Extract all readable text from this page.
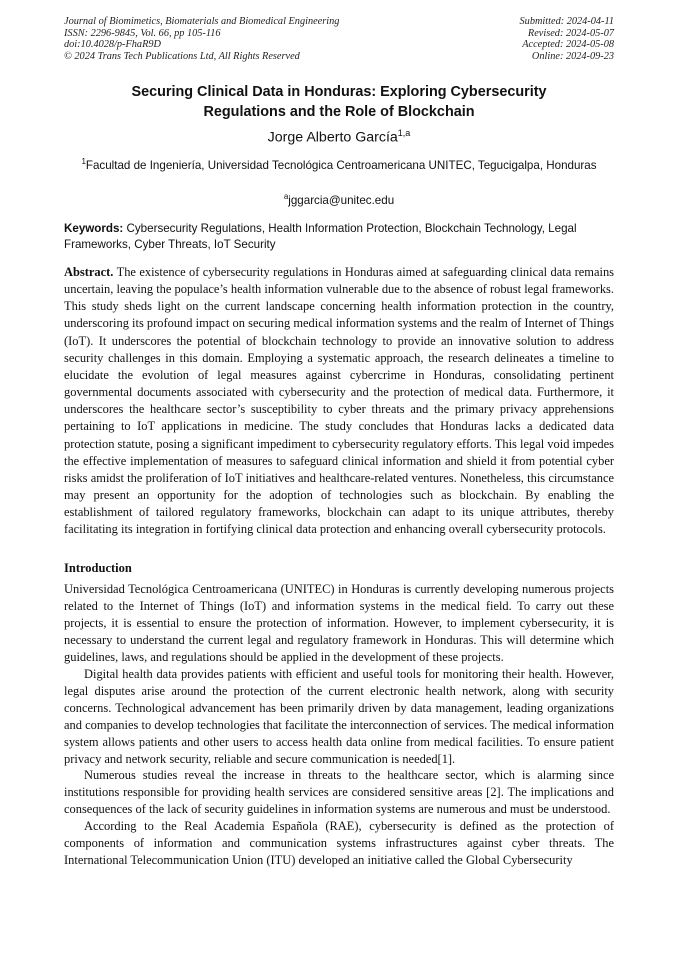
Journal of Biomimetics, Biomaterials and Biomedical Engineering
ISSN: 2296-9845, Vol. 66, pp 105-116
doi:10.4028/p-FhaR9D
© 2024 Trans Tech Publications Ltd, All Rights Reserved
Submitted: 2024-04-11
Revised: 2024-05-07
Accepted: 2024-05-08
Online: 2024-09-23
Securing Clinical Data in Honduras: Exploring Cybersecurity
Regulations and the Role of Blockchain
Jorge Alberto García$^{1,a}$
$^1$Facultad de Ingeniería, Universidad Tecnológica Centroamericana UNITEC, Tegucigalpa, Honduras
$^a$jggarcia@unitec.edu
Keywords: Cybersecurity Regulations, Health Information Protection, Blockchain Technology, Legal Frameworks, Cyber Threats, IoT Security
Abstract. The existence of cybersecurity regulations in Honduras aimed at safeguarding clinical data remains uncertain, leaving the populace’s health information vulnerable due to the absence of robust legal frameworks. This study sheds light on the current landscape concerning health information protection in the country, underscoring its profound impact on securing medical information systems and the realm of Internet of Things (IoT). It underscores the potential of blockchain technology to provide an innovative solution to address security challenges in this domain. Employing a systematic approach, the research delineates a timeline to elucidate the evolution of legal measures against cybercrime in Honduras, consolidating pertinent governmental documents associated with cybersecurity and the protection of medical data. Furthermore, it underscores the healthcare sector’s susceptibility to cyber threats and the primary privacy apprehensions pertaining to IoT applications in medicine. The study concludes that Honduras lacks a dedicated data protection statute, posing a significant impediment to cybersecurity regulatory efforts. This legal void impedes the effective implementation of measures to safeguard clinical information and shield it from potential cyber risks amidst the proliferation of IoT initiatives and healthcare-related ventures. Nonetheless, this circumstance may present an opportunity for the adoption of technologies such as blockchain. By enabling the establishment of tailored regulatory frameworks, blockchain can adapt to its unique attributes, thereby facilitating its integration in fortifying clinical data protection and enhancing overall cybersecurity protocols.
Introduction

Universidad Tecnológica Centroamericana (UNITEC) in Honduras is currently developing numerous projects related to the Internet of Things (IoT) and information systems in the medical field. To carry out these projects, it is essential to ensure the protection of information. However, to implement cybersecurity, it is necessary to understand the current legal and regulatory framework in Honduras. This will determine which guidelines, laws, and regulations should be applied in the development of these projects.

Digital health data provides patients with efficient and useful tools for monitoring their health. However, legal disputes arise around the protection of the current electronic health network, along with security concerns. Technological advancement has been primarily driven by data management, leading organizations and companies to develop technologies that facilitate the interconnection of services. The medical information system allows patients and other users to access health data online from medical facilities. To ensure patient privacy and network security, reliable and secure communication is needed[1].

Numerous studies reveal the increase in threats to the healthcare sector, which is alarming since institutions responsible for providing health services are considered sensitive areas [2]. The implications and consequences of the lack of security guidelines in information systems are numerous and must be understood.

According to the Real Academia Española (RAE), cybersecurity is defined as the protection of components of information and communication systems infrastructures against cyber threats. The International Telecommunication Union (ITU) developed an initiative called the Global Cybersecurity
